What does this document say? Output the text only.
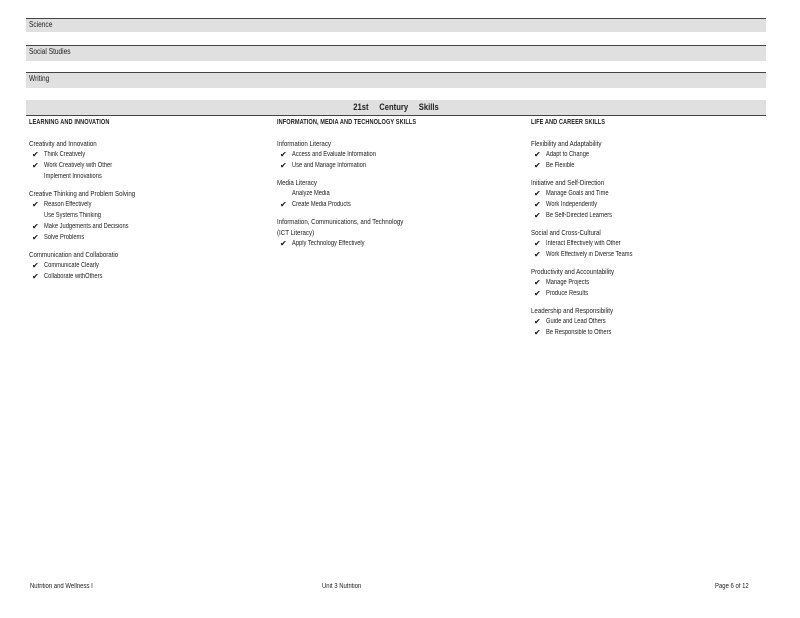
Science
Social Studies
Writing
21st Century Skills
LEARNING AND INNOVATION
Creativity and Innovation
✔ Think Creatively
✔ Work Creatively with Other
Implement Innovations
Creative Thinking and Problem Solving
✔ Reason Effectively
Use Systems Thinking
✔ Make Judgements and Decisions
✔ Solve Problems
Communication and Collaboratio
✔ Communicate Clearly
✔ Collaborate withOthers
INFORMATION, MEDIA AND TECHNOLOGY SKILLS
Information Literacy
✔ Access and Evaluate Information
✔ Use and Manage Information
Media Literacy
Analyze Media
✔ Create Media Products
Information, Communications, and Technology
(ICT Literacy)
✔ Apply Technology Effectively
LIFE AND CAREER SKILLS
Flexibility and Adaptability
✔ Adapt to Change
✔ Be Flexible
Initiative and Self-Direction
✔ Manage Goals and Time
✔ Work Independently
✔ Be Self-Directed Learners
Social and Cross-Cultural
✔ Interact Effectively with Other
✔ Work Effectively in Diverse Teams
Productivity and Accountability
✔ Manage Projects
✔ Produce Results
Leadership and Responsibility
✔ Guide and Lead Others
✔ Be Responsible to Others
Nutrition and Wellness I	Unit 3 Nutrition	Page 6 of 12
